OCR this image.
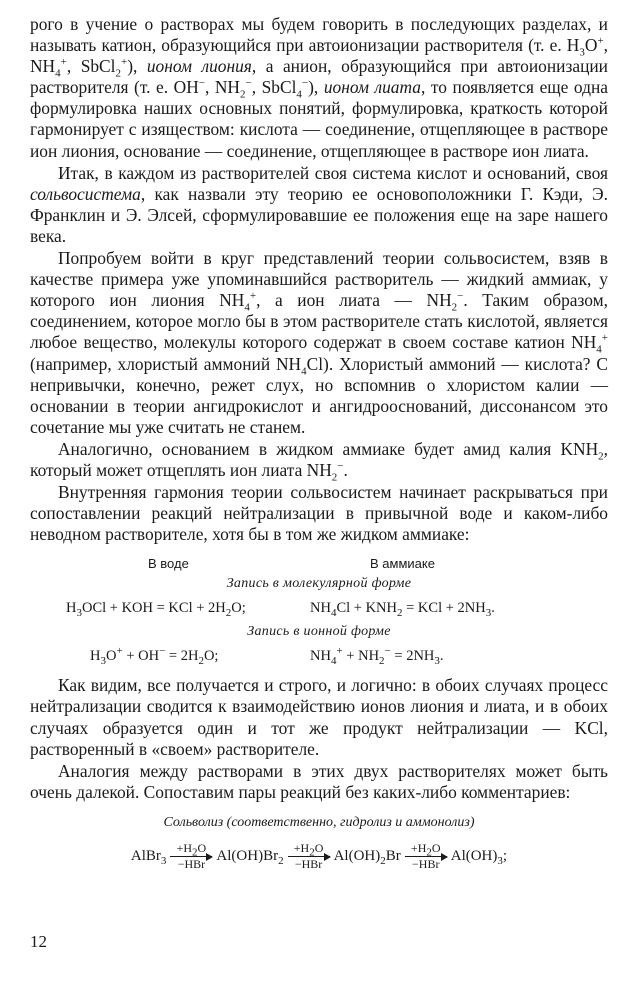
рого в учение о растворах мы будем говорить в последующих разделах, и называть катион, образующийся при автоионизации растворителя (т. е. $H_3O^+$, $NH_4^+$, SbCl$_2$+), ионом лиония, а анион, образующийся при автоионизации растворителя (т. е. OH−, $NH_2^-$, SbCl$_4$−), ионом лиата, то появляется еще одна формулировка наших основных понятий, формулировка, краткость которой гармонирует с изяществом: кислота — соединение, отщепляющее в растворе ион лиония, основание — соединение, отщепляющее в растворе ион лиата.

Итак, в каждом из растворителей своя система кислот и оснований, своя сольвосистема, как назвали эту теорию ее основоположники Г. Кэди, Э. Франклин и Э. Элсей, сформулировавшие ее положения еще на заре нашего века.

Попробуем войти в круг представлений теории сольвосистем, взяв в качестве примера уже упоминавшийся растворитель — жидкий аммиак, у которого ион лиония $NH_4^+$, а ион лиата — $NH_2^-$. Таким образом, соединением, которое могло бы в этом растворителе стать кислотой, является любое вещество, молекулы которого содержат в своем составе катион $NH_4^+$ (например, хлористый аммоний $NH_4Cl$). Хлористый аммоний — кислота? С непривычки, конечно, режет слух, но вспомнив о хлористом калии — основании в теории ангидрокислот и ангидрооснований, диссонансом это сочетание мы уже считать не станем.

Аналогично, основанием в жидком аммиаке будет амид калия $KNH_2$, который может отщеплять ион лиата $NH_2^-$.

Внутренняя гармония теории сольвосистем начинает раскрываться при сопоставлении реакций нейтрализации в привычной воде и каком-либо неводном растворителе, хотя бы в том же жидком аммиаке:

В воде	В аммиаке
Запись в молекулярной форме
$H_3OCl$ + KOH = KCl + $2H_2O$;	$NH_4Cl + KNH_2$ = KCl + $2NH_3$.
Запись в ионной форме
$H_3O^+ + OH^- = 2H_2O$;	$NH_4^+ + NH_2^- = 2NH_3$.

Как видим, все получается и строго, и логично: в обоих случаях процесс нейтрализации сводится к взаимодействию ионов лиония и лиата, и в обоих случаях образуется один и тот же продукт нейтрализации — KCl, растворенный в «своем» растворителе.

Аналогия между растворами в этих двух растворителях может быть очень далекой. Сопоставим пары реакций без каких-либо комментариев:

Сольволиз (соответственно, гидролиз и аммонолиз)
AlBr$_3$
$+H_2O$
−HBr $Al(OH)Br_2$
$+H_2O$
−HBr $Al(OH)_2Br +H_2O$
−HBr $Al(OH)_3$;
12
